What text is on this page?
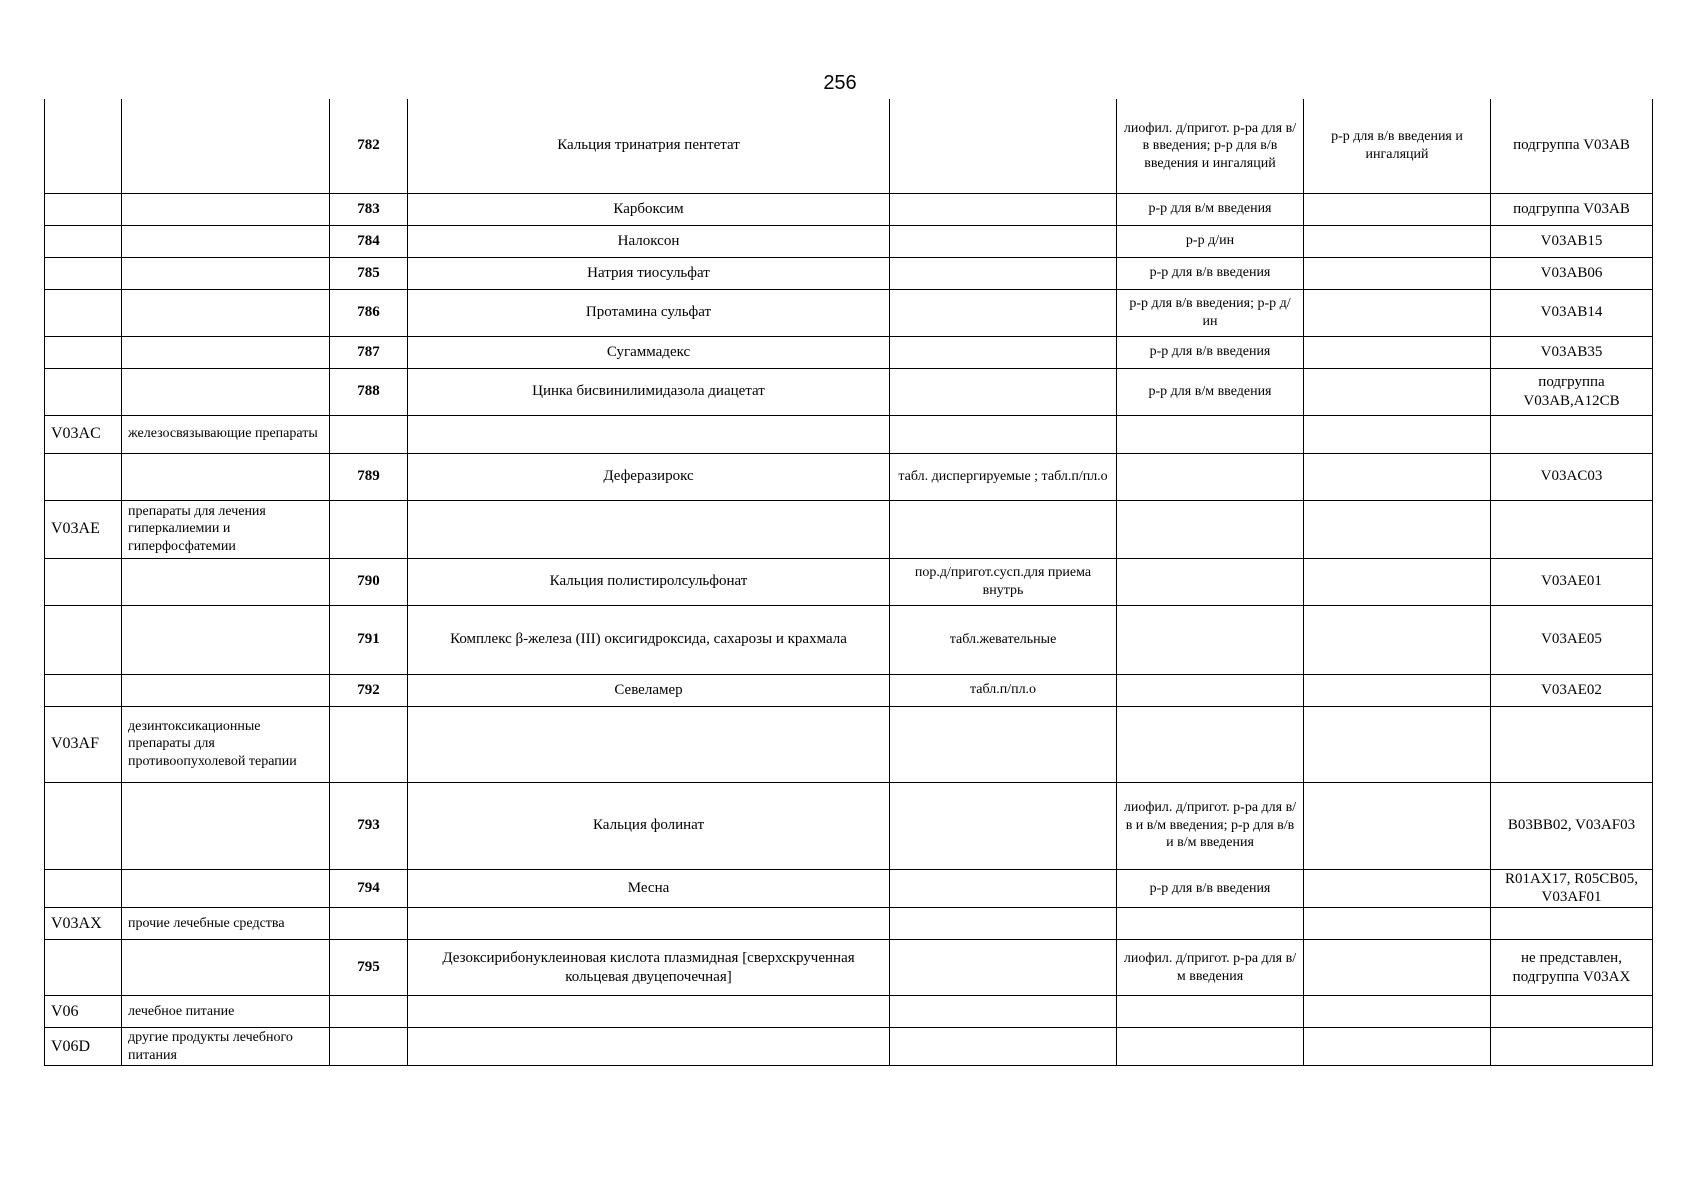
256
		782	Кальция тринатрия пентетат		лиофил. д/пригот. р-ра для в/в введения; р-р для в/в введения и ингаляций	р-р для в/в введения и ингаляций	подгруппа V03AB
		783	Карбоксим		р-р для в/м введения		подгруппа V03AB
		784	Налоксон		р-р д/ин		V03AB15
		785	Натрия тиосульфат		р-р для в/в введения		V03AB06
		786	Протамина сульфат		р-р для в/в введения; р-р д/ин		V03AB14
		787	Сугаммадекс		р-р для в/в введения		V03AB35
		788	Цинка бисвинилимидазола диацетат		р-р для в/м введения		подгруппа V03AB,A12CB
V03AC	железосвязывающие препараты						
		789	Деферазирокс	табл. диспергируемые ; табл.п/пл.о			V03AC03
V03AE	препараты для лечения гиперкалиемии и гиперфосфатемии						
		790	Кальция полистиролсульфонат	пор.д/пригот.сусп.для приема внутрь			V03AE01
		791	Комплекс β-железа (III) оксигидроксида, сахарозы и крахмала	табл.жевательные			V03AE05
		792	Севеламер	табл.п/пл.о			V03AE02
V03AF	дезинтоксикационные препараты для противоопухолевой терапии						
		793	Кальция фолинат		лиофил. д/пригот. р-ра для в/в и в/м введения; р-р для в/в и в/м введения		B03BB02, V03AF03
		794	Месна		р-р для в/в введения		R01AX17, R05CB05, V03AF01
V03AX	прочие лечебные средства						
		795	Дезоксирибонуклеиновая кислота плазмидная [сверхскрученная кольцевая двуцепочечная]		лиофил. д/пригот. р-ра для в/м введения		не представлен, подгруппа V03AX
V06	лечебное питание						
V06D	другие продукты лечебного питания						
